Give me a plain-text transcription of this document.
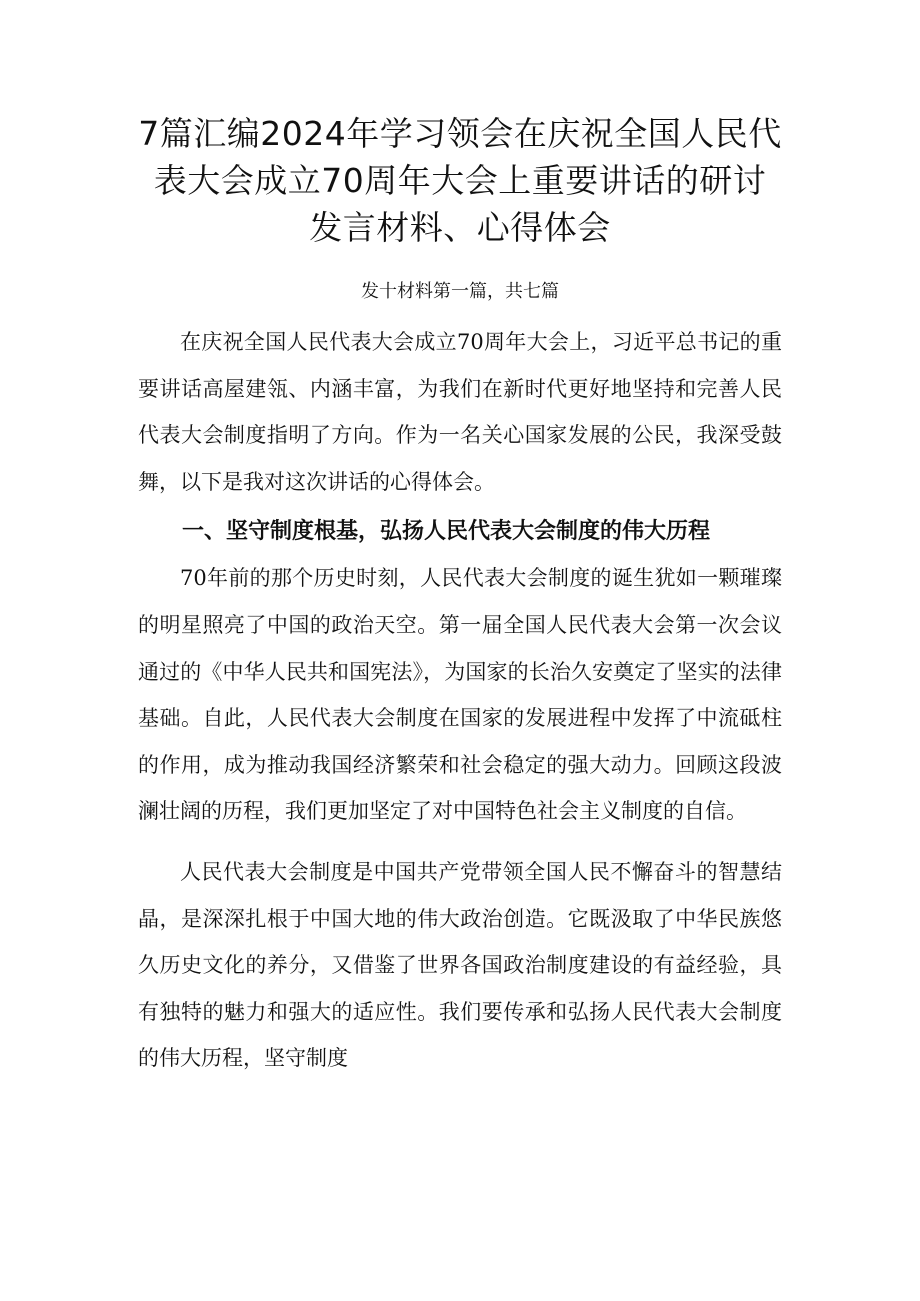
7篇汇编2024年学习领会在庆祝全国人民代表大会成立70周年大会上重要讲话的研讨发言材料、心得体会
发十材料第一篇，共七篇

在庆祝全国人民代表大会成立70周年大会上，习近平总书记的重要讲话高屋建瓴、内涵丰富，为我们在新时代更好地坚持和完善人民代表大会制度指明了方向。作为一名关心国家发展的公民，我深受鼓舞，以下是我对这次讲话的心得体会。

一、坚守制度根基，弘扬人民代表大会制度的伟大历程

70年前的那个历史时刻，人民代表大会制度的诞生犹如一颗璀璨的明星照亮了中国的政治天空。第一届全国人民代表大会第一次会议通过的《中华人民共和国宪法》，为国家的长治久安奠定了坚实的法律基础。自此，人民代表大会制度在国家的发展进程中发挥了中流砥柱的作用，成为推动我国经济繁荣和社会稳定的强大动力。回顾这段波澜壮阔的历程，我们更加坚定了对中国特色社会主义制度的自信。

人民代表大会制度是中国共产党带领全国人民不懈奋斗的智慧结晶，是深深扎根于中国大地的伟大政治创造。它既汲取了中华民族悠久历史文化的养分，又借鉴了世界各国政治制度建设的有益经验，具有独特的魅力和强大的适应性。我们要传承和弘扬人民代表大会制度的伟大历程，坚守制度
